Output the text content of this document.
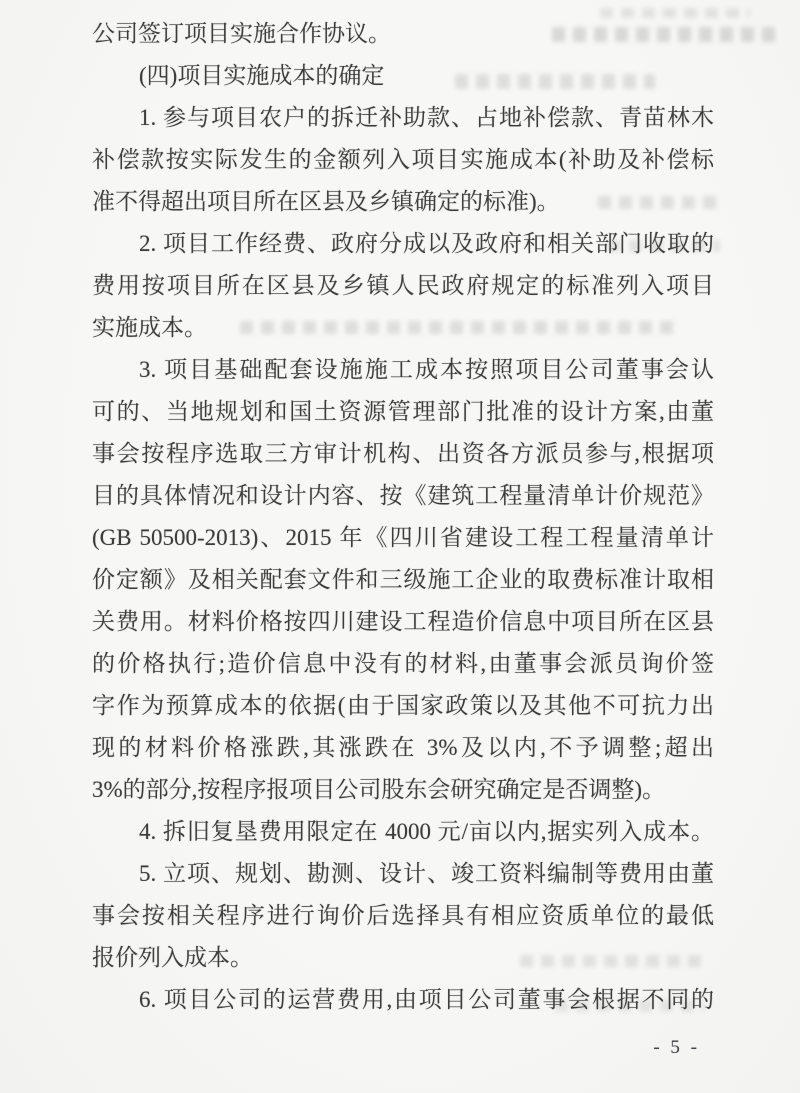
公司签订项目实施合作协议。

(四)项目实施成本的确定

1. 参与项目农户的拆迁补助款、占地补偿款、青苗林木

补偿款按实际发生的金额列入项目实施成本(补助及补偿标

准不得超出项目所在区县及乡镇确定的标准)。

2. 项目工作经费、政府分成以及政府和相关部门收取的

费用按项目所在区县及乡镇人民政府规定的标准列入项目

实施成本。

3. 项目基础配套设施施工成本按照项目公司董事会认

可的、当地规划和国土资源管理部门批准的设计方案,由董

事会按程序选取三方审计机构、出资各方派员参与,根据项

目的具体情况和设计内容、按《建筑工程量清单计价规范》

(GB 50500-2013)、2015 年《四川省建设工程工程量清单计

价定额》及相关配套文件和三级施工企业的取费标准计取相

关费用。材料价格按四川建设工程造价信息中项目所在区县

的价格执行;造价信息中没有的材料,由董事会派员询价签

字作为预算成本的依据(由于国家政策以及其他不可抗力出

现的材料价格涨跌,其涨跌在 3%及以内,不予调整;超出

3%的部分,按程序报项目公司股东会研究确定是否调整)。

4. 拆旧复垦费用限定在 4000 元/亩以内,据实列入成本。

5. 立项、规划、勘测、设计、竣工资料编制等费用由董

事会按相关程序进行询价后选择具有相应资质单位的最低

报价列入成本。

6. 项目公司的运营费用,由项目公司董事会根据不同的

- 5 -
